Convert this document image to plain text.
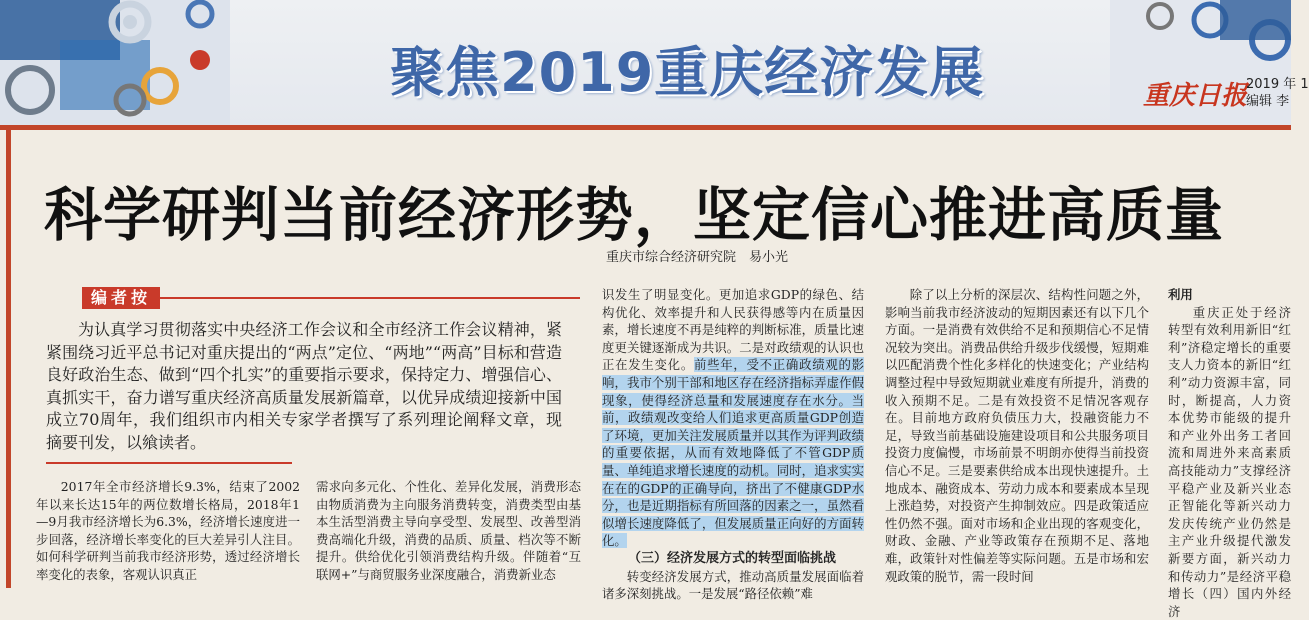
聚焦2019重庆经济发展	重庆日报
2019 年 1
编辑 李
科学研判当前经济形势，坚定信心推进高质量
重庆市综合经济研究院　易小光
编者按
为认真学习贯彻落实中央经济工作会议和全市经济工作会议精神，紧紧围绕习近平总书记对重庆提出的“两点”定位、“两地”“两高”目标和营造良好政治生态、做到“四个扎实”的重要指示要求，保持定力、增强信心、真抓实干，奋力谱写重庆经济高质量发展新篇章，以优异成绩迎接新中国成立70周年，我们组织市内相关专家学者撰写了系列理论阐释文章，现摘要刊发，以飨读者。

2017年全市经济增长9.3%，结束了2002年以来长达15年的两位数增长格局，2018年1—9月我市经济增长为6.3%，经济增长速度进一步回落，经济增长率变化的巨大差异引人注目。如何科学研判当前我市经济形势，透过经济增长率变化的表象，客观认识真正

需求向多元化、个性化、差异化发展，消费形态由物质消费为主向服务消费转变，消费类型由基本生活型消费主导向享受型、发展型、改善型消费高端化升级，消费的品质、质量、档次等不断提升。供给优化引领消费结构升级。伴随着“互联网+”与商贸服务业深度融合，消费新业态

识发生了明显变化。更加追求GDP的绿色、结构优化、效率提升和人民获得感等内在质量因素，增长速度不再是纯粹的判断标准，质量比速度更关键逐渐成为共识。二是对政绩观的认识也正在发生变化。前些年，受不正确政绩观的影响，我市个别干部和地区存在经济指标弄虚作假现象，使得经济总量和发展速度存在水分。当前，政绩观改变给人们追求更高质量GDP创造了环境，更加关注发展质量并以其作为评判政绩的重要依据，从而有效地降低了不管GDP质量、单纯追求增长速度的动机。同时，追求实实在在的GDP的正确导向，挤出了不健康GDP水分，也是近期指标有所回落的因素之一，虽然看似增长速度降低了，但发展质量正向好的方面转化。

（三）经济发展方式的转型面临挑战

转变经济发展方式，推动高质量发展面临着诸多深刻挑战。一是发展“路径依赖”难

除了以上分析的深层次、结构性问题之外，影响当前我市经济波动的短期因素还有以下几个方面。一是消费有效供给不足和预期信心不足情况较为突出。消费品供给升级步伐缓慢，短期难以匹配消费个性化多样化的快速变化；产业结构调整过程中导致短期就业难度有所提升，消费的收入预期不足。二是有效投资不足情况客观存在。目前地方政府负债压力大，投融资能力不足，导致当前基础设施建设项目和公共服务项目投资力度偏慢，市场前景不明朗亦使得当前投资信心不足。三是要素供给成本出现快速提升。土地成本、融资成本、劳动力成本和要素成本呈现上涨趋势，对投资产生抑制效应。四是政策适应性仍然不强。面对市场和企业出现的客观变化，财政、金融、产业等政策存在预期不足、落地难，政策针对性偏差等实际问题。五是市场和宏观政策的脱节，需一段时间

利用

重庆正处于经济转型有效利用新旧“红利”济稳定增长的重要支人力资本的新旧“红利”动力资源丰富，同时，断提高，人力资本优势市能级的提升和产业外出务工者回流和周进外来高素质高技能动力”支撑经济平稳产业及新兴业态正智能化等新兴动力发庆传统产业仍然是主产业升级提代激发新要方面，新兴动力和传动力”是经济平稳增长（四）国内外经济
